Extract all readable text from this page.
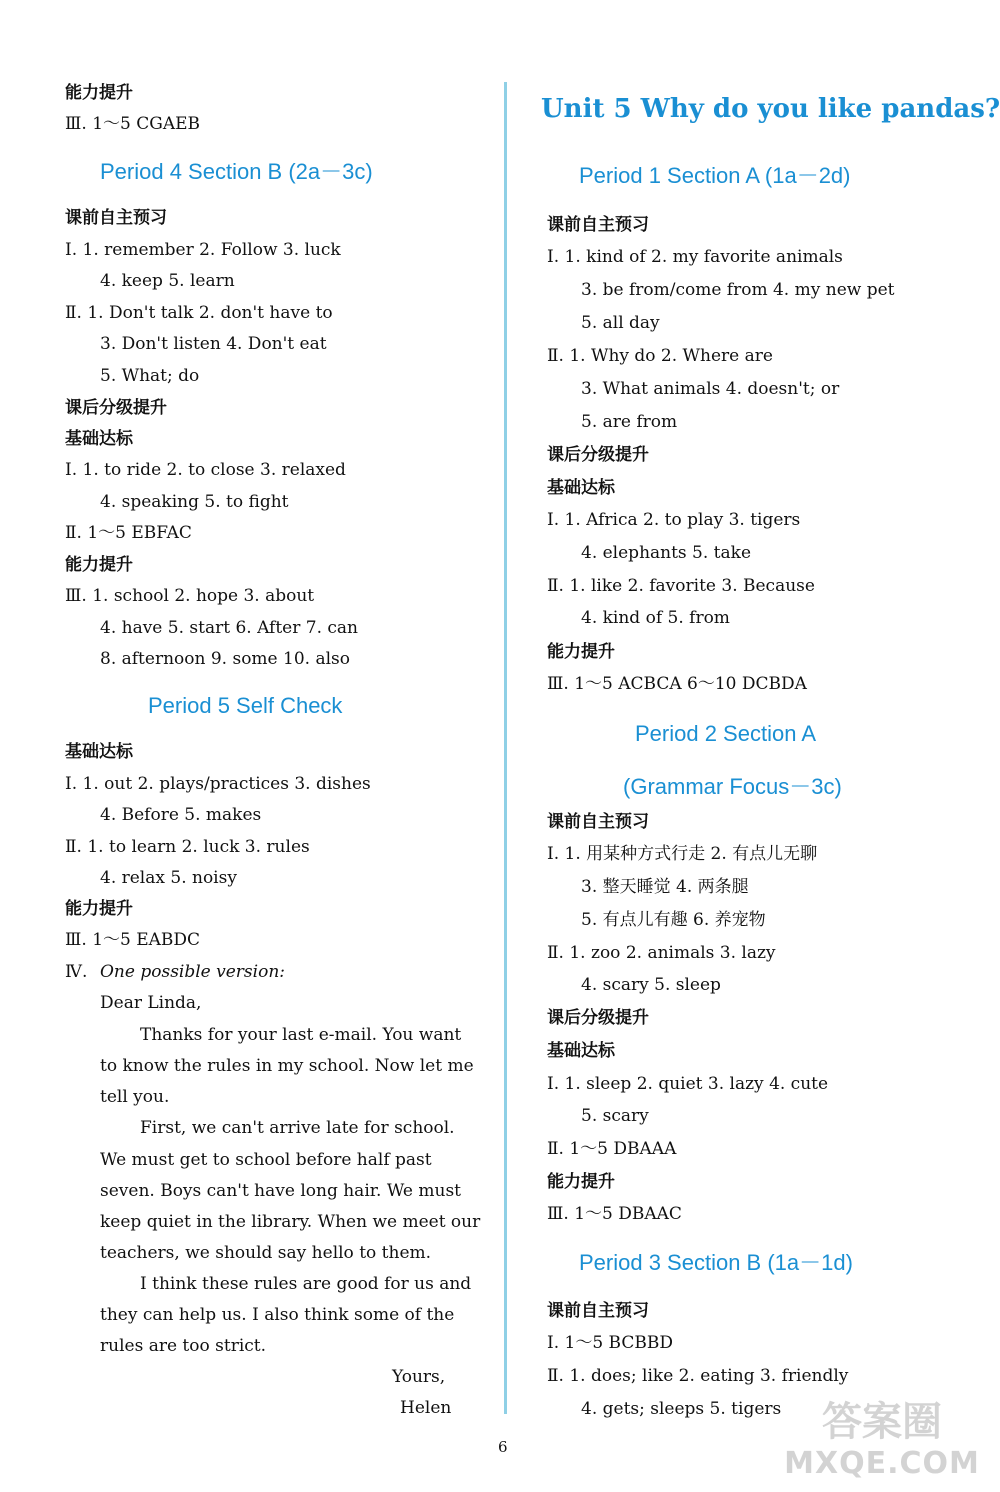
能力提升
Ⅲ. 1～5 CGAEB
Period 4 Section B (2a－3c)
课前自主预习
Ⅰ. 1. remember 2. Follow 3. luck
4. keep 5. learn
Ⅱ. 1. Don't talk 2. don't have to
3. Don't listen 4. Don't eat
5. What; do
课后分级提升
基础达标
Ⅰ. 1. to ride 2. to close 3. relaxed
4. speaking 5. to fight
Ⅱ. 1～5 EBFAC
能力提升
Ⅲ. 1. school 2. hope 3. about
4. have 5. start 6. After 7. can
8. afternoon 9. some 10. also
Period 5 Self Check
基础达标
Ⅰ. 1. out 2. plays/practices 3. dishes
4. Before 5. makes
Ⅱ. 1. to learn 2. luck 3. rules
4. relax 5. noisy
能力提升
Ⅲ. 1～5 EABDC
Ⅳ. One possible version:
Dear Linda,
Thanks for your last e-mail. You want
to know the rules in my school. Now let me
tell you.
First, we can't arrive late for school.
We must get to school before half past
seven. Boys can't have long hair. We must
keep quiet in the library. When we meet our
teachers, we should say hello to them.
I think these rules are good for us and
they can help us. I also think some of the
rules are too strict.
Yours,
Helen
Unit 5 Why do you like pandas?
Period 1 Section A (1a－2d)
课前自主预习
Ⅰ. 1. kind of 2. my favorite animals
3. be from/come from 4. my new pet
5. all day
Ⅱ. 1. Why do 2. Where are
3. What animals 4. doesn't; or
5. are from
课后分级提升
基础达标
Ⅰ. 1. Africa 2. to play 3. tigers
4. elephants 5. take
Ⅱ. 1. like 2. favorite 3. Because
4. kind of 5. from
能力提升
Ⅲ. 1～5 ACBCA 6～10 DCBDA
Period 2 Section A
(Grammar Focus－3c)
课前自主预习
Ⅰ. 1. 用某种方式行走 2. 有点儿无聊
3. 整天睡觉 4. 两条腿
5. 有点儿有趣 6. 养宠物
Ⅱ. 1. zoo 2. animals 3. lazy
4. scary 5. sleep
课后分级提升
基础达标
Ⅰ. 1. sleep 2. quiet 3. lazy 4. cute
5. scary
Ⅱ. 1～5 DBAAA
能力提升
Ⅲ. 1～5 DBAAC
Period 3 Section B (1a－1d)
课前自主预习
Ⅰ. 1～5 BCBBD
Ⅱ. 1. does; like 2. eating 3. friendly
4. gets; sleeps 5. tigers
6
答案圈
MXQE.COM
